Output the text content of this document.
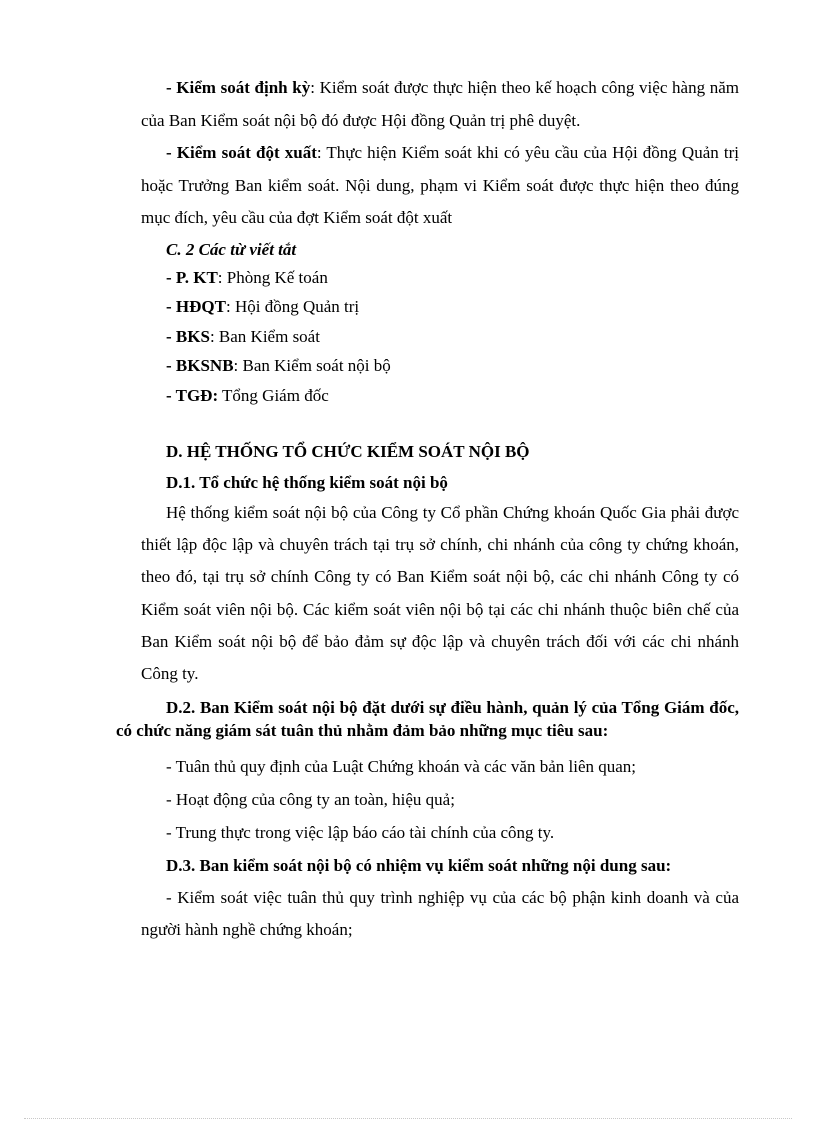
- Kiểm soát định kỳ: Kiểm soát được thực hiện theo kế hoạch công việc hàng năm của Ban Kiểm soát nội bộ đó được Hội đồng Quản trị phê duyệt.

- Kiểm soát đột xuất: Thực hiện Kiểm soát khi có yêu cầu của Hội đồng Quản trị hoặc Trưởng Ban kiểm soát. Nội dung, phạm vi Kiểm soát được thực hiện theo đúng mục đích, yêu cầu của đợt Kiểm soát đột xuất

C. 2 Các từ viết tắt

- P. KT: Phòng Kế toán

- HĐQT: Hội đồng Quản trị

- BKS: Ban Kiểm soát

- BKSNB: Ban Kiểm soát nội bộ

- TGĐ: Tổng Giám đốc

D. HỆ THỐNG TỔ CHỨC KIỂM SOÁT NỘI BỘ

D.1. Tổ chức hệ thống kiểm soát nội bộ

Hệ thống kiểm soát nội bộ của Công ty Cổ phần Chứng khoán Quốc Gia phải được thiết lập độc lập và chuyên trách tại trụ sở chính, chi nhánh của công ty chứng khoán, theo đó, tại trụ sở chính Công ty có Ban Kiểm soát nội bộ, các chi nhánh Công ty có Kiểm soát viên nội bộ. Các kiểm soát viên nội bộ tại các chi nhánh thuộc biên chế của Ban Kiểm soát nội bộ để bảo đảm sự độc lập và chuyên trách đối với các chi nhánh Công ty.

D.2. Ban Kiểm soát nội bộ đặt dưới sự điều hành, quản lý của Tổng Giám đốc, có chức năng giám sát tuân thủ nhằm đảm bảo những mục tiêu sau:

- Tuân thủ quy định của Luật Chứng khoán và các văn bản liên quan;

- Hoạt động của công ty an toàn, hiệu quả;

- Trung thực trong việc lập báo cáo tài chính của công ty.

D.3. Ban kiểm soát nội bộ có nhiệm vụ kiểm soát những nội dung sau:

- Kiểm soát việc tuân thủ quy trình nghiệp vụ của các bộ phận kinh doanh và của người hành nghề chứng khoán;
